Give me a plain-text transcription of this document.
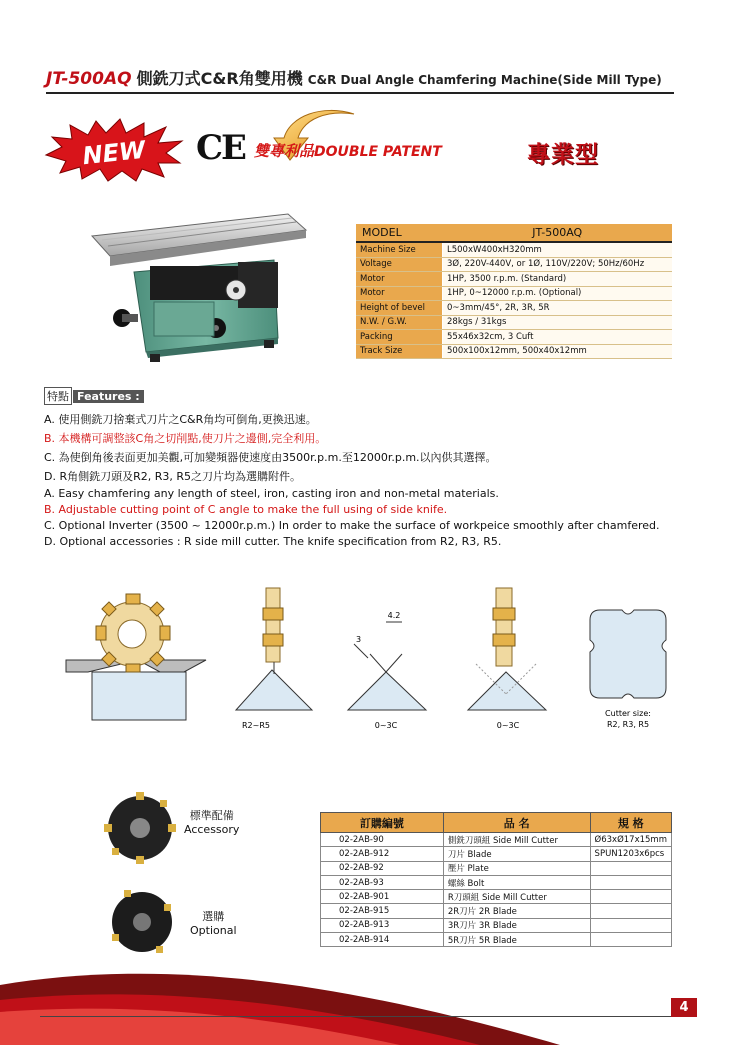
JT-500AQ 側銑刀式C&R角雙用機 C&R Dual Angle Chamfering Machine(Side Mill Type)
NEW CE 雙專利品DOUBLE PATENT	專業型
MODEL	JT-500AQ
Machine Size	L500xW400xH320mm
Voltage	3Ø, 220V-440V, or 1Ø, 110V/220V; 50Hz/60Hz
Motor	1HP, 3500 r.p.m. (Standard)
Motor	1HP, 0~12000 r.p.m. (Optional)
Height of bevel	0~3mm/45°, 2R, 3R, 5R
N.W. / G.W.	28kgs / 31kgs
Packing	55x46x32cm, 3 Cuft
Track Size	500x100x12mm, 500x40x12mm
特點 Features :
A. 使用側銑刀捨棄式刀片之C&R角均可倒角,更換迅速。
B. 本機構可調整該C角之切削點,使刀片之邊側,完全利用。
C. 為使倒角後表面更加美觀,可加變頻器使速度由3500r.p.m.至12000r.p.m.以內供其選擇。
D. R角側銑刀頭及R2, R3, R5之刀片均為選購附件。
A. Easy chamfering any length of steel, iron, casting iron and non-metal materials.
B. Adjustable cutting point of C angle to make the full using of side knife.
C. Optional Inverter (3500 ~ 12000r.p.m.) In order to make the surface of workpeice smoothly after chamfered.
D. Optional accessories : R side mill cutter. The knife specification from R2, R3, R5.
4.2
3
R2~R5	0~3C	0~3C
Cutter size:
R2, R3, R5
標準配備
Accessory
選購
Optional
訂購編號	品 名	規 格
02-2AB-90	側銑刀頭組 Side Mill Cutter	Ø63xØ17x15mm
02-2AB-912	刀片 Blade	SPUN1203x6pcs
02-2AB-92	壓片 Plate	
02-2AB-93	螺絲 Bolt	
02-2AB-901	R刀頭組 Side Mill Cutter	
02-2AB-915	2R刀片 2R Blade	
02-2AB-913	3R刀片 3R Blade	
02-2AB-914	5R刀片 5R Blade	
4
